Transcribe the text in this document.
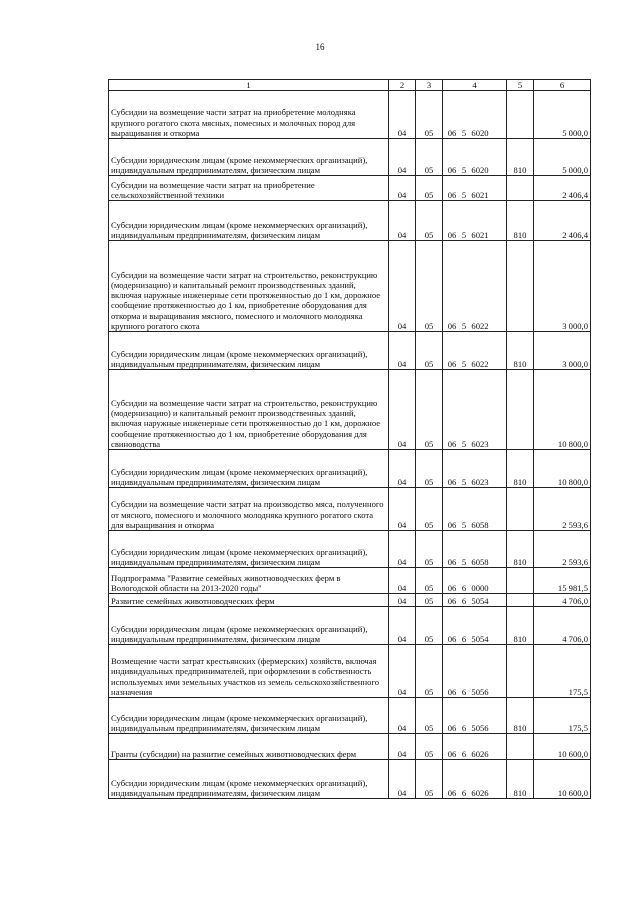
16
1	2	3	4	5	6
Субсидии на возмещение части затрат на приобретение молодняка крупного рогатого скота мясных, помесных и молочных пород для выращивания и откорма	04	05	06 5 6020		5 000,0
Субсидии юридическим лицам (кроме некоммерческих организаций), индивидуальным предпринимателям, физическим лицам	04	05	06 5 6020	810	5 000,0
Субсидии на возмещение части затрат на приобретение сельскохозяйственной техники	04	05	06 5 6021		2 406,4
Субсидии юридическим лицам (кроме некоммерческих организаций), индивидуальным предпринимателям, физическим лицам	04	05	06 5 6021	810	2 406,4
Субсидии на возмещение части затрат на строительство, реконструкцию (модернизацию) и капитальный ремонт производственных зданий, включая наружные инженерные сети протяженностью до 1 км, дорожное сообщение протяженностью до 1 км, приобретение оборудования для откорма и выращивания мясного, помесного и молочного молодняка крупного рогатого скота	04	05	06 5 6022		3 000,0
Субсидии юридическим лицам (кроме некоммерческих организаций), индивидуальным предпринимателям, физическим лицам	04	05	06 5 6022	810	3 000,0
Субсидии на возмещение части затрат на строительство, реконструкцию (модернизацию) и капитальный ремонт производственных зданий, включая наружные инженерные сети протяженностью до 1 км, дорожное сообщение протяженностью до 1 км, приобретение оборудования для свиноводства	04	05	06 5 6023		10 800,0
Субсидии юридическим лицам (кроме некоммерческих организаций), индивидуальным предпринимателям, физическим лицам	04	05	06 5 6023	810	10 800,0
Субсидии на возмещение части затрат на производство мяса, полученного от мясного, помесного и молочного молодняка крупного рогатого скота для выращивания и откорма	04	05	06 5 6058		2 593,6
Субсидии юридическим лицам (кроме некоммерческих организаций), индивидуальным предпринимателям, физическим лицам	04	05	06 5 6058	810	2 593,6
Подпрограмма "Развитие семейных животноводческих ферм в Вологодской области на 2013-2020 годы"	04	05	06 6 0000		15 981,5
Развитие семейных животноводческих ферм	04	05	06 6 5054		4 706,0
Субсидии юридическим лицам (кроме некоммерческих организаций), индивидуальным предпринимателям, физическим лицам	04	05	06 6 5054	810	4 706,0
Возмещение части затрат крестьянских (фермерских) хозяйств, включая индивидуальных предпринимателей, при оформлении в собственность используемых ими земельных участков из земель сельскохозяйственного назначения	04	05	06 6 5056		175,5
Субсидии юридическим лицам (кроме некоммерческих организаций), индивидуальным предпринимателям, физическим лицам	04	05	06 6 5056	810	175,5
Гранты (субсидии) на разнитие семейных животноводческих ферм	04	05	06 6 6026		10 600,0
Субсидии юридическим лицам (кроме некоммерческих организаций), индивидуальным предпринимателям, физическим лицам	04	05	06 6 6026	810	10 600,0
